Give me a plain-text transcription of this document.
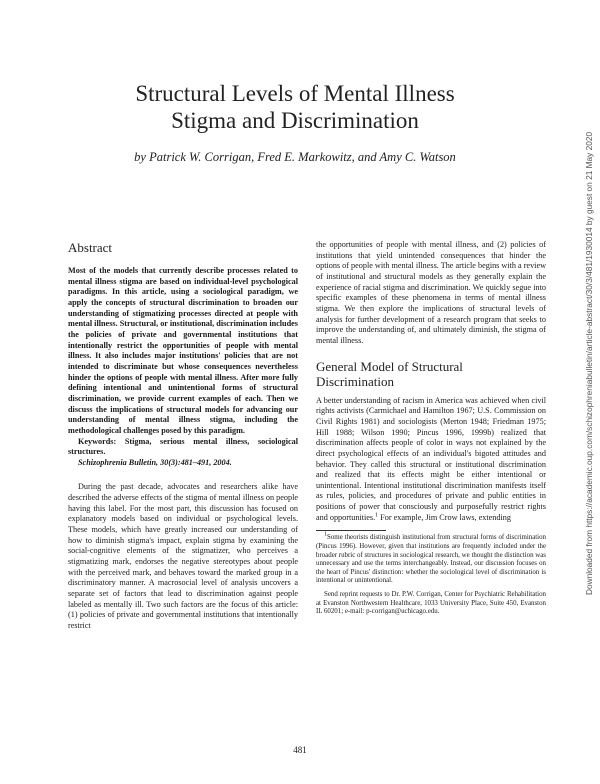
Structural Levels of Mental Illness
Stigma and Discrimination
by Patrick W. Corrigan, Fred E. Markowitz, and Amy C. Watson	Downloaded from https://academic.oup.com/schizophreniabulletin/article-abstract/30/3/481/1930014 by guest on 21 May 2020
Abstract

Most of the models that currently describe processes related to mental illness stigma are based on individual-level psychological paradigms. In this article, using a sociological paradigm, we apply the concepts of structural discrimination to broaden our understanding of stigmatizing processes directed at people with mental illness. Structural, or institutional, discrimination includes the policies of private and governmental institutions that intentionally restrict the opportunities of people with mental illness. It also includes major institutions' policies that are not intended to discriminate but whose consequences nevertheless hinder the options of people with mental illness. After more fully defining intentional and unintentional forms of structural discrimination, we provide current examples of each. Then we discuss the implications of structural models for advancing our understanding of mental illness stigma, including the methodological challenges posed by this paradigm.

Keywords: Stigma, serious mental illness, sociological structures.

Schizophrenia Bulletin, 30(3):481–491, 2004.

During the past decade, advocates and researchers alike have described the adverse effects of the stigma of mental illness on people having this label. For the most part, this discussion has focused on explanatory models based on individual or psychological levels. These models, which have greatly increased our understanding of how to diminish stigma's impact, explain stigma by examining the social-cognitive elements of the stigmatizer, who perceives a stigmatizing mark, endorses the negative stereotypes about people with the perceived mark, and behaves toward the marked group in a discriminatory manner. A macrosocial level of analysis uncovers a separate set of factors that lead to discrimination against people labeled as mentally ill. Two such factors are the focus of this article: (1) policies of private and governmental institutions that intentionally restrict

the opportunities of people with mental illness, and (2) policies of institutions that yield unintended consequences that hinder the options of people with mental illness. The article begins with a review of institutional and structural models as they generally explain the experience of racial stigma and discrimination. We quickly segue into specific examples of these phenomena in terms of mental illness stigma. We then explore the implications of structural levels of analysis for further development of a research program that seeks to improve the understanding of, and ultimately diminish, the stigma of mental illness.

General Model of Structural
Discrimination

A better understanding of racism in America was achieved when civil rights activists (Carmichael and Hamilton 1967; U.S. Commission on Civil Rights 1981) and sociologists (Merton 1948; Friedman 1975; Hill 1988; Wilson 1990; Pincus 1996, 1999b) realized that discrimination affects people of color in ways not explained by the direct psychological effects of an individual's bigoted attitudes and behavior. They called this structural or institutional discrimination and realized that its effects might be either intentional or unintentional. Intentional institutional discrimination manifests itself as rules, policies, and procedures of private and public entities in positions of power that consciously and purposefully restrict rights and opportunities.$^1$ For example, Jim Crow laws, extending

$^1$Some theorists distinguish institutional from structural forms of discrimination (Pincus 1996). However, given that institutions are frequently included under the broader rubric of structures in sociological research, we thought the distinction was unnecessary and use the terms interchangeably. Instead, our discussion focuses on the heart of Pincus' distinction: whether the sociological level of discrimination is intentional or unintentional.

Send reprint requests to Dr. P.W. Corrigan, Center for Psychiatric Rehabilitation at Evanston Northwestern Healthcare, 1033 University Place, Suite 450, Evanston IL 60201; e-mail: p-corrigan@uchicago.edu.

481
